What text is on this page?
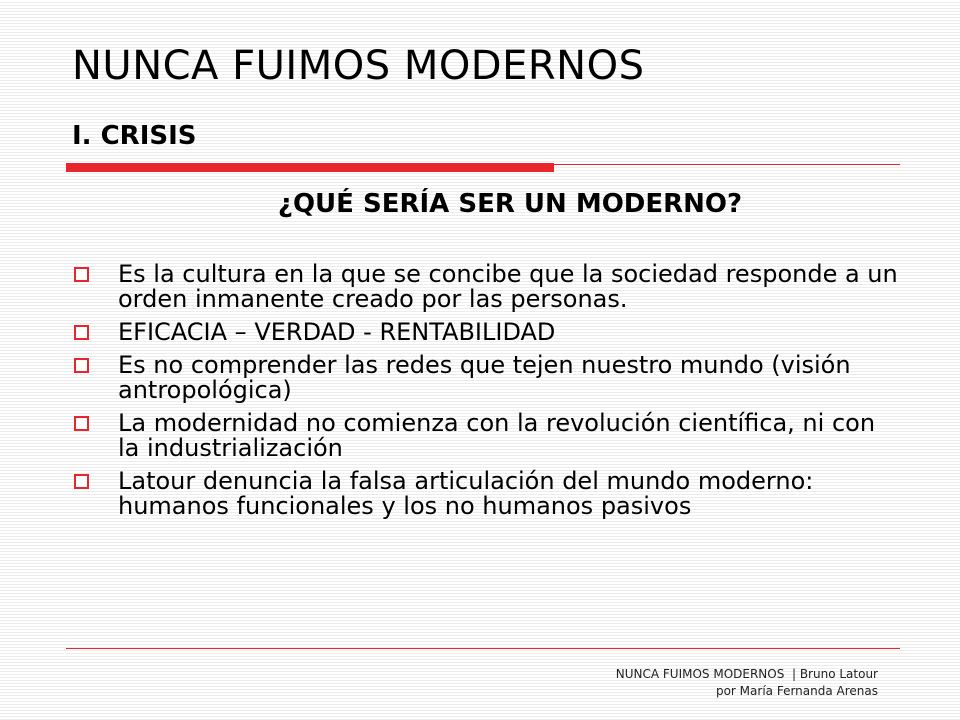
NUNCA FUIMOS MODERNOS
I. CRISIS
¿QUÉ SERÍA SER UN MODERNO?
Es la cultura en la que se concibe que la sociedad responde a un orden inmanente creado por las personas.
EFICACIA – VERDAD - RENTABILIDAD
Es no comprender las redes que tejen nuestro mundo (visión antropológica)
La modernidad no comienza con la revolución científica, ni con la industrialización
Latour denuncia la falsa articulación del mundo moderno: humanos funcionales y los no humanos pasivos
NUNCA FUIMOS MODERNOS  | Bruno Latour
por María Fernanda Arenas
